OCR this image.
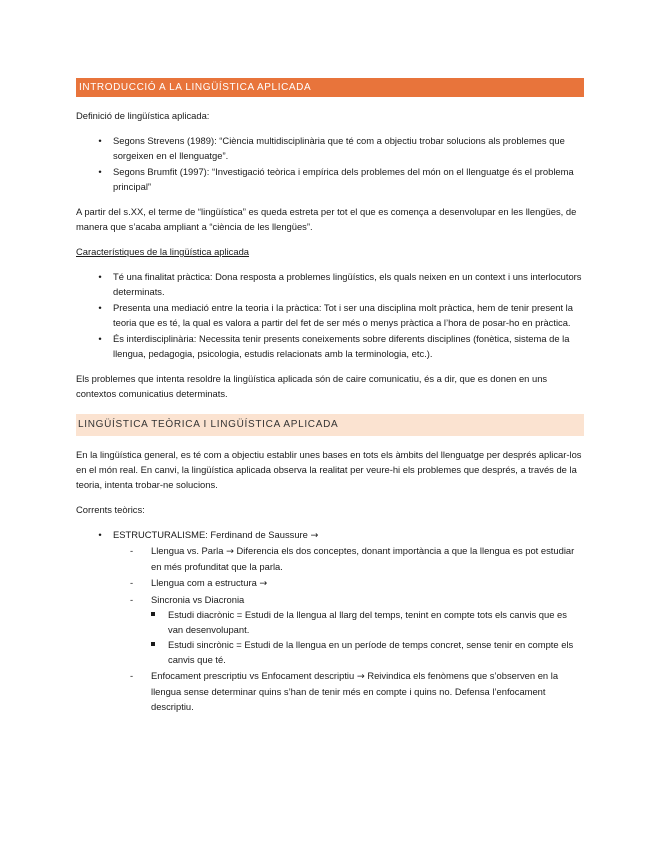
INTRODUCCIÓ A LA LINGÜÍSTICA APLICADA

Definició de lingüística aplicada:

• Segons Strevens (1989): “Ciència multidisciplinària que té com a objectiu trobar solucions als problemes que sorgeixen en el llenguatge”.
• Segons Brumfit (1997): “Investigació teòrica i empírica dels problemes del món on el llenguatge és el problema principal”

A partir del s.XX, el terme de “lingüística” es queda estreta per tot el que es comença a desenvolupar en les llengües, de manera que s’acaba ampliant a “ciència de les llengües”.

Característiques de la lingüística aplicada

• Té una finalitat pràctica: Dona resposta a problemes lingüístics, els quals neixen en un context i uns interlocutors determinats.
• Presenta una mediació entre la teoria i la pràctica: Tot i ser una disciplina molt pràctica, hem de tenir present la teoria que es té, la qual es valora a partir del fet de ser més o menys pràctica a l’hora de posar-ho en pràctica.
• És interdisciplinària: Necessita tenir presents coneixements sobre diferents disciplines (fonètica, sistema de la llengua, pedagogia, psicologia, estudis relacionats amb la terminologia, etc.).

Els problemes que intenta resoldre la lingüística aplicada són de caire comunicatiu, és a dir, que es donen en uns contextos comunicatius determinats.

LINGÜÍSTICA TEÒRICA I LINGÜÍSTICA APLICADA

En la lingüística general, es té com a objectiu establir unes bases en tots els àmbits del llenguatge per després aplicar-los en el món real. En canvi, la lingüística aplicada observa la realitat per veure-hi els problemes que després, a través de la teoria, intenta trobar-ne solucions.

Corrents teòrics:

• ESTRUCTURALISME: Ferdinand de Saussure →
- Llengua vs. Parla → Diferencia els dos conceptes, donant importància a que la llengua es pot estudiar en més profunditat que la parla.
- Llengua com a estructura →
- Sincronia vs Diacronia
Estudi diacrònic = Estudi de la llengua al llarg del temps, tenint en compte tots els canvis que es van desenvolupant.
Estudi sincrònic = Estudi de la llengua en un període de temps concret, sense tenir en compte els canvis que té.
- Enfocament prescriptiu vs Enfocament descriptiu → Reivindica els fenòmens que s’observen en la llengua sense determinar quins s’han de tenir més en compte i quins no. Defensa l’enfocament descriptiu.
